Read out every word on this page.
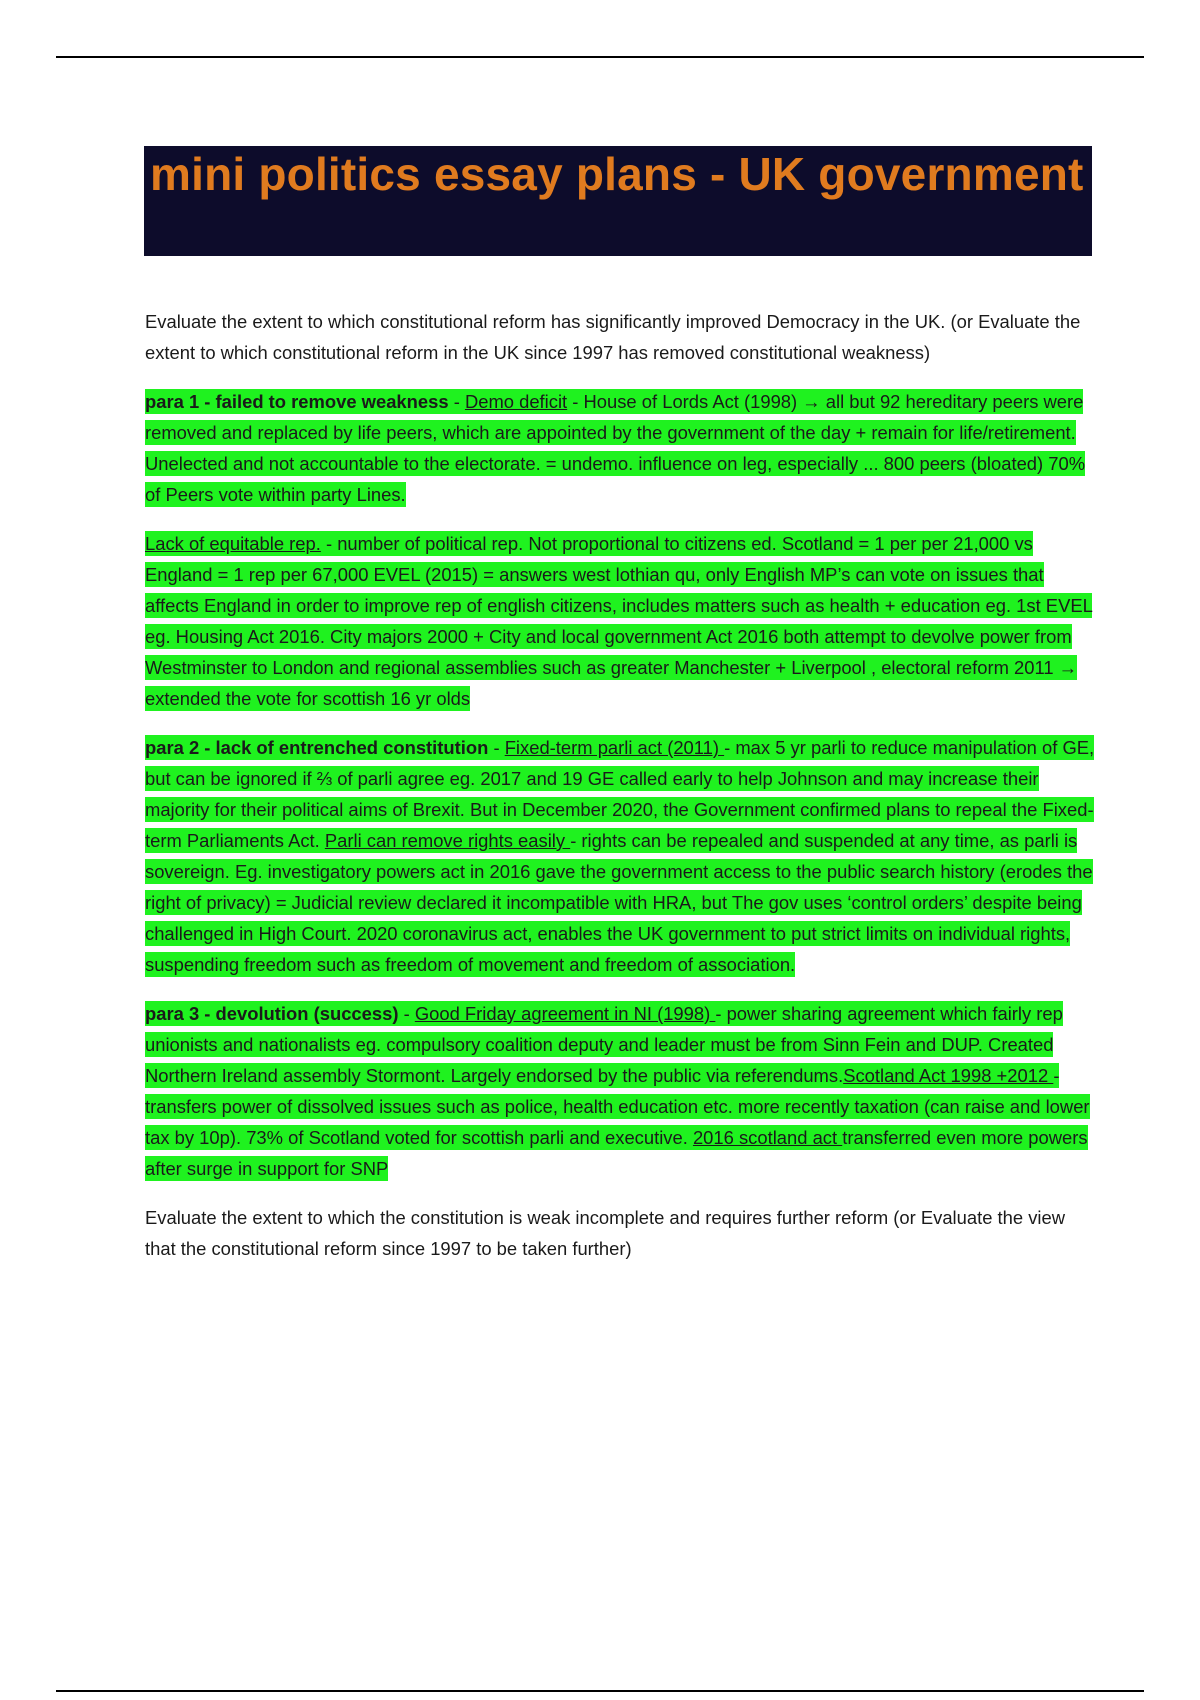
mini politics essay plans - UK government

Evaluate the extent to which constitutional reform has significantly improved Democracy in the UK. (or Evaluate the extent to which constitutional reform in the UK since 1997 has removed constitutional weakness)

para 1 - failed to remove weakness - Demo deficit - House of Lords Act (1998) → all but 92 hereditary peers were removed and replaced by life peers, which are appointed by the government of the day + remain for life/retirement. Unelected and not accountable to the electorate. = undemo. influence on leg, especially ... 800 peers (bloated) 70% of Peers vote within party Lines.

Lack of equitable rep. - number of political rep. Not proportional to citizens ed. Scotland = 1 per per 21,000 vs England = 1 rep per 67,000 EVEL (2015) = answers west lothian qu, only English MP’s can vote on issues that affects England in order to improve rep of english citizens, includes matters such as health + education eg. 1st EVEL eg. Housing Act 2016. City majors 2000 + City and local government Act 2016 both attempt to devolve power from Westminster to London and regional assemblies such as greater Manchester + Liverpool , electoral reform 2011 → extended the vote for scottish 16 yr olds

para 2 - lack of entrenched constitution - Fixed-term parli act (2011) - max 5 yr parli to reduce manipulation of GE, but can be ignored if ⅔ of parli agree eg. 2017 and 19 GE called early to help Johnson and may increase their majority for their political aims of Brexit. But in December 2020, the Government confirmed plans to repeal the Fixed-term Parliaments Act. Parli can remove rights easily - rights can be repealed and suspended at any time, as parli is sovereign. Eg. investigatory powers act in 2016 gave the government access to the public search history (erodes the right of privacy) = Judicial review declared it incompatible with HRA, but The gov uses ‘control orders’ despite being challenged in High Court. 2020 coronavirus act, enables the UK government to put strict limits on individual rights, suspending freedom such as freedom of movement and freedom of association.

para 3 - devolution (success) - Good Friday agreement in NI (1998) - power sharing agreement which fairly rep unionists and nationalists eg. compulsory coalition deputy and leader must be from Sinn Fein and DUP. Created Northern Ireland assembly Stormont. Largely endorsed by the public via referendums.Scotland Act 1998 +2012 - transfers power of dissolved issues such as police, health education etc. more recently taxation (can raise and lower tax by 10p). 73% of Scotland voted for scottish parli and executive. 2016 scotland act transferred even more powers after surge in support for SNP

Evaluate the extent to which the constitution is weak incomplete and requires further reform (or Evaluate the view that the constitutional reform since 1997 to be taken further)
